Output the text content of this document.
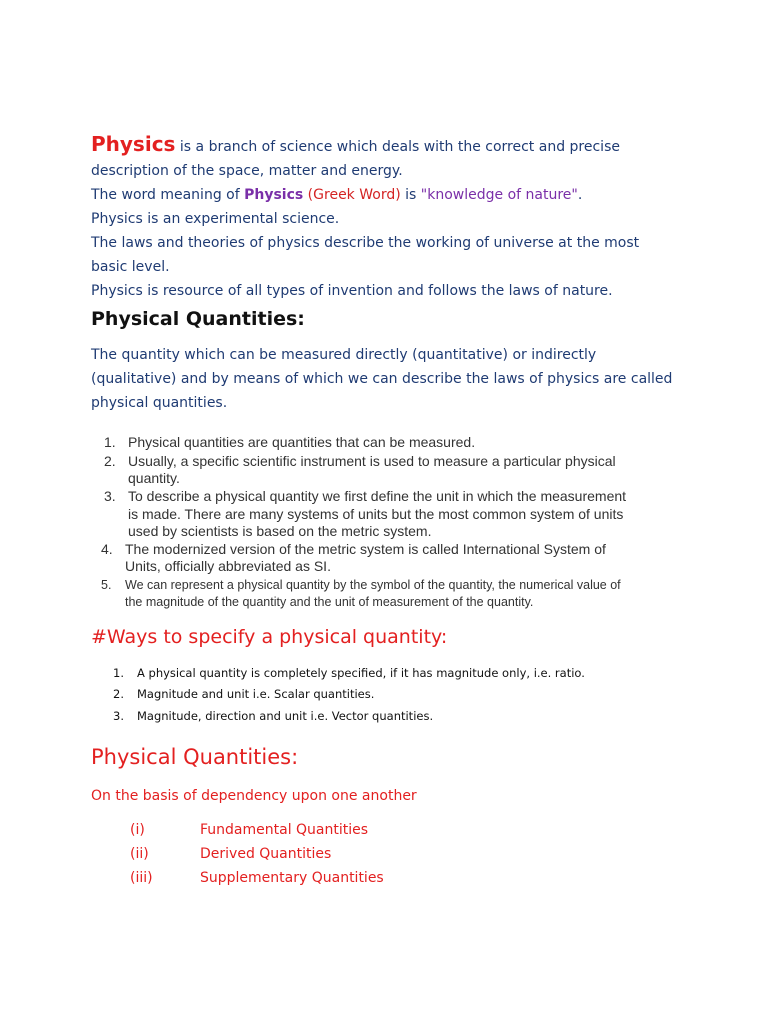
Physics is a branch of science which deals with the correct and precise
description of the space, matter and energy.
The word meaning of Physics (Greek Word) is "knowledge of nature".
Physics is an experimental science.
The laws and theories of physics describe the working of universe at the most
basic level.
Physics is resource of all types of invention and follows the laws of nature.
Physical Quantities:
The quantity which can be measured directly (quantitative) or indirectly
(qualitative) and by means of which we can describe the laws of physics are called
physical quantities.
1. Physical quantities are quantities that can be measured.
2. Usually, a specific scientific instrument is used to measure a particular physical
quantity.
3. To describe a physical quantity we first define the unit in which the measurement
is made. There are many systems of units but the most common system of units
used by scientists is based on the metric system.
4. The modernized version of the metric system is called International System of
Units, officially abbreviated as SI.
5. We can represent a physical quantity by the symbol of the quantity, the numerical value of
the magnitude of the quantity and the unit of measurement of the quantity.
#Ways to specify a physical quantity:
1. A physical quantity is completely specified, if it has magnitude only, i.e. ratio.
2. Magnitude and unit i.e. Scalar quantities.
3. Magnitude, direction and unit i.e. Vector quantities.
Physical Quantities:
On the basis of dependency upon one another
(i)	Fundamental Quantities
(ii)	Derived Quantities
(iii)	Supplementary Quantities
